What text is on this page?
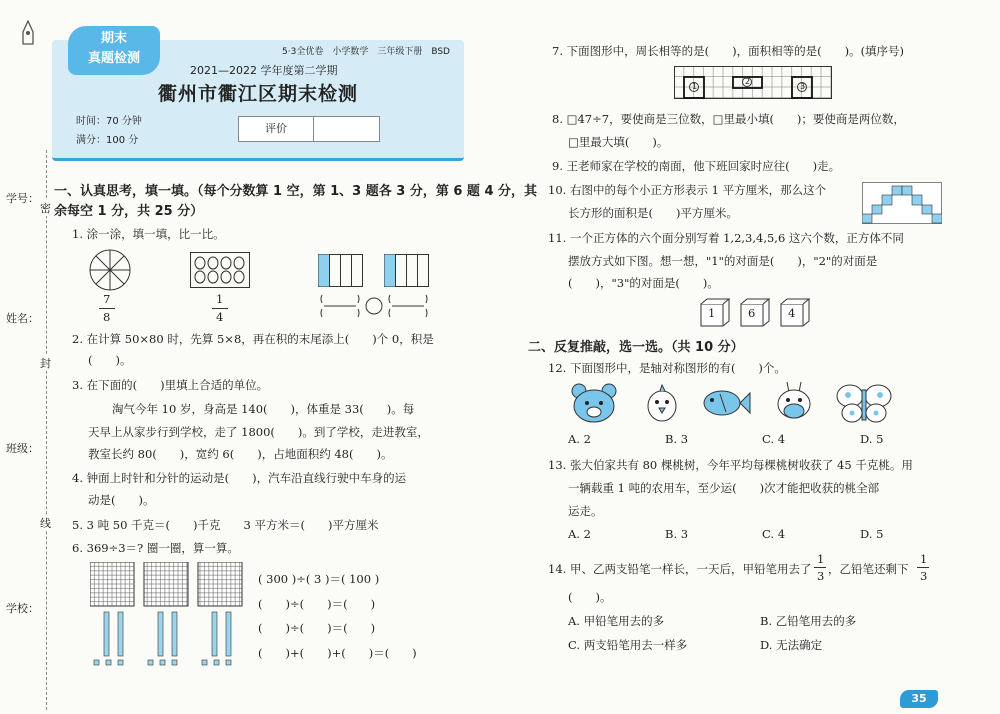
学号：
姓名：
班级：
学校：
密
封
线
期末
真题检测	5·3全优卷　小学数学　三年级下册　BSD
2021—2022 学年度第二学期
衢州市衢江区期末检测
时间：70 分钟
满分：100 分
评价
一、认真思考，填一填。（每个分数算 1 空，第 1、3 题各 3 分，第 6 题 4 分，其
余每空 1 分，共 25 分）
1. 涂一涂，填一填，比一比。
7
8
1
4
2. 在计算 50×80 时，先算 5×8，再在积的末尾添上(　　)个 0，积是
(　　)。
3. 在下面的(　　)里填上合适的单位。
淘气今年 10 岁，身高是 140(　　)，体重是 33(　　)。每
天早上从家步行到学校，走了 1800(　　)。到了学校，走进教室，
教室长约 80(　　)，宽约 6(　　)，占地面积约 48(　　)。
4. 钟面上时针和分针的运动是(　　)，汽车沿直线行驶中车身的运
动是(　　)。
5. 3 吨 50 千克＝(　　)千克　　3 平方米＝(　　)平方厘米
6. 369÷3＝? 圈一圈，算一算。
( 300 )÷( 3 )＝( 100 )
(　　)÷(　　)＝(　　)
(　　)÷(　　)＝(　　)
(　　)+(　　)+(　　)＝(　　)
7. 下面图形中，周长相等的是(　　)，面积相等的是(　　)。(填序号)
1
2
3
8. □47÷7，要使商是三位数，□里最小填(　　)；要使商是两位数，
□里最大填(　　)。
9. 王老师家在学校的南面，他下班回家时应往(　　)走。
10. 右图中的每个小正方形表示 1 平方厘米，那么这个
长方形的面积是(　　)平方厘米。
11. 一个正方体的六个面分别写着 1,2,3,4,5,6 这六个数，正方体不同
摆放方式如下图。想一想，"1"的对面是(　　)，"2"的对面是
(　　)，"3"的对面是(　　)。
1	6	4
二、反复推敲，选一选。（共 10 分）
12. 下面图形中，是轴对称图形的有(　　)个。
A. 2	B. 3	C. 4	D. 5
13. 张大伯家共有 80 棵桃树，今年平均每棵桃树收获了 45 千克桃。用
一辆载重 1 吨的农用车，至少运(　　)次才能把收获的桃全部
运走。
A. 2	B. 3	C. 4	D. 5
14. 甲、乙两支铅笔一样长，一天后，甲铅笔用去了
1
3 ，乙铅笔还剩下
1
3
(　　)。
A. 甲铅笔用去的多	B. 乙铅笔用去的多
C. 两支铅笔用去一样多	D. 无法确定
35
